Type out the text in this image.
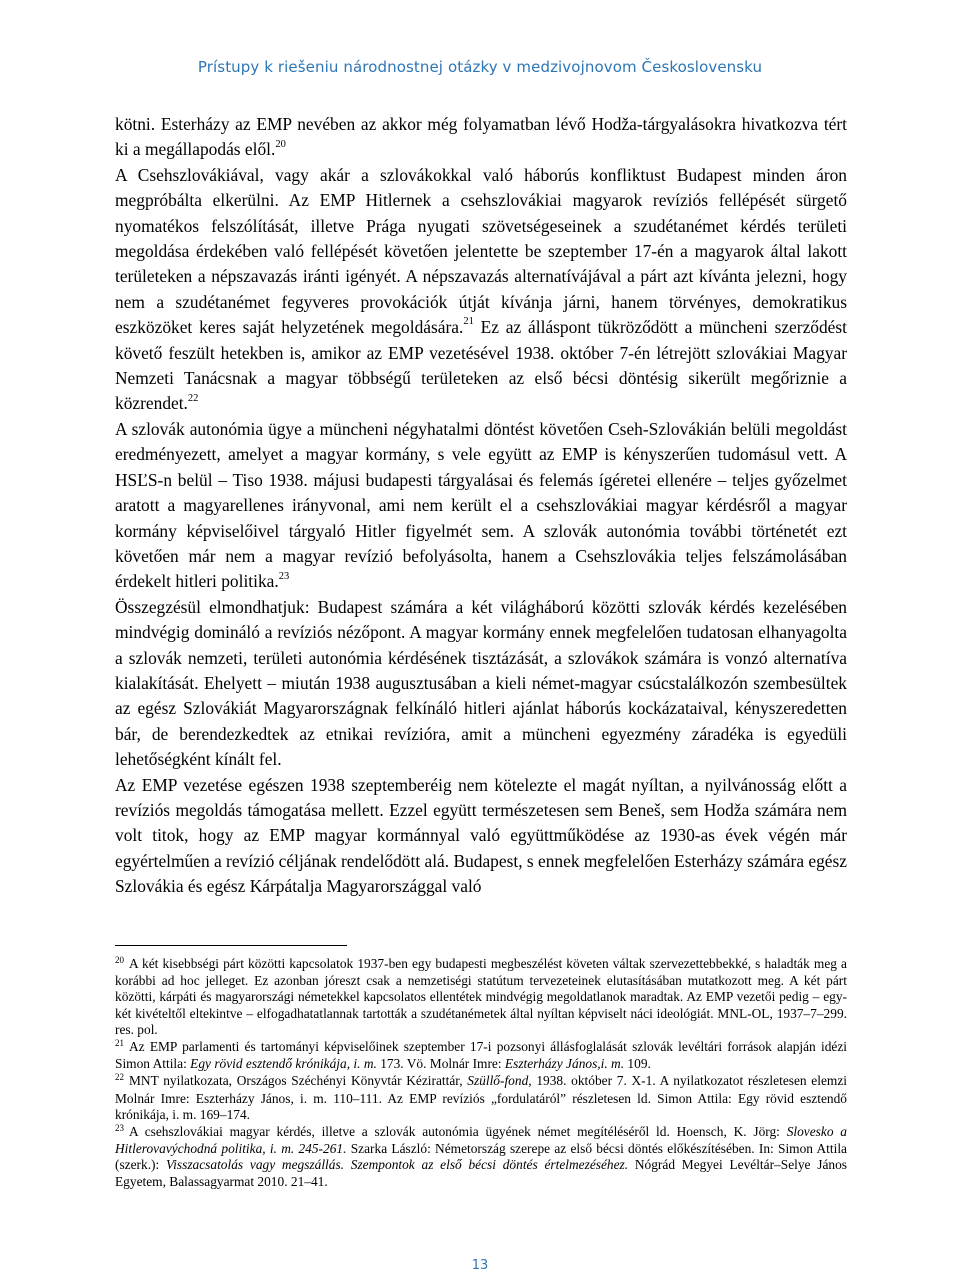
Prístupy k riešeniu národnostnej otázky v medzivojnovom Československu

kötni. Esterházy az EMP nevében az akkor még folyamatban lévő Hodža-tárgyalásokra hivatkozva tért ki a megállapodás elől.$^{20}$

A Csehszlovákiával, vagy akár a szlovákokkal való háborús konfliktust Budapest minden áron megpróbálta elkerülni. Az EMP Hitlernek a csehszlovákiai magyarok revíziós fellépését sürgető nyomatékos felszólítását, illetve Prága nyugati szövetségeseinek a szudétanémet kérdés területi megoldása érdekében való fellépését követően jelentette be szeptember 17-én a magyarok által lakott területeken a népszavazás iránti igényét. A népszavazás alternatívájával a párt azt kívánta jelezni, hogy nem a szudétanémet fegyveres provokációk útját kívánja járni, hanem törvényes, demokratikus eszközöket keres saját helyzetének megoldására.$^{21}$ Ez az álláspont tükröződött a müncheni szerződést követő feszült hetekben is, amikor az EMP vezetésével 1938. október 7-én létrejött szlovákiai Magyar Nemzeti Tanácsnak a magyar többségű területeken az első bécsi döntésig sikerült megőriznie a közrendet.$^{22}$

A szlovák autonómia ügye a müncheni négyhatalmi döntést követően Cseh-Szlovákián belüli megoldást eredményezett, amelyet a magyar kormány, s vele együtt az EMP is kényszerűen tudomásul vett. A HSĽS-n belül – Tiso 1938. májusi budapesti tárgyalásai és felemás ígéretei ellenére – teljes győzelmet aratott a magyarellenes irányvonal, ami nem került el a csehszlovákiai magyar kérdésről a magyar kormány képviselőivel tárgyaló Hitler figyelmét sem. A szlovák autonómia további történetét ezt követően már nem a magyar revízió befolyásolta, hanem a Csehszlovákia teljes felszámolásában érdekelt hitleri politika.$^{23}$

Összegzésül elmondhatjuk: Budapest számára a két világháború közötti szlovák kérdés kezelésében mindvégig domináló a revíziós nézőpont. A magyar kormány ennek megfelelően tudatosan elhanyagolta a szlovák nemzeti, területi autonómia kérdésének tisztázását, a szlovákok számára is vonzó alternatíva kialakítását. Ehelyett – miután 1938 augusztusában a kieli német-magyar csúcstalálkozón szembesültek az egész Szlovákiát Magyarországnak felkínáló hitleri ajánlat háborús kockázataival, kényszeredetten bár, de berendezkedtek az etnikai revízióra, amit a müncheni egyezmény záradéka is egyedüli lehetőségként kínált fel.

Az EMP vezetése egészen 1938 szeptemberéig nem kötelezte el magát nyíltan, a nyilvánosság előtt a revíziós megoldás támogatása mellett. Ezzel együtt természetesen sem Beneš, sem Hodža számára nem volt titok, hogy az EMP magyar kormánnyal való együttműködése az 1930-as évek végén már egyértelműen a revízió céljának rendelődött alá. Budapest, s ennek megfelelően Esterházy számára egész Szlovákia és egész Kárpátalja Magyarországgal való

$^{20}$ A két kisebbségi párt közötti kapcsolatok 1937-ben egy budapesti megbeszélést követen váltak szervezettebbekké, s haladták meg a korábbi ad hoc jelleget. Ez azonban jóreszt csak a nemzetiségi statútum tervezeteinek elutasításában mutatkozott meg. A két párt közötti, kárpáti és magyarországi németekkel kapcsolatos ellentétek mindvégig megoldatlanok maradtak. Az EMP vezetői pedig – egy-két kivételtől eltekintve – elfogadhatatlannak tartották a szudétanémetek által nyíltan képviselt náci ideológiát. MNL-OL, 1937–7–299. res. pol.
$^{21}$ Az EMP parlamenti és tartományi képviselőinek szeptember 17-i pozsonyi állásfoglalását szlovák levéltári források alapján idézi Simon Attila: Egy rövid esztendő krónikája, i. m. 173. Vö. Molnár Imre: Eszterházy János,i. m. 109.
$^{22}$ MNT nyilatkozata, Országos Széchényi Könyvtár Kézirattár, Szüllő-fond, 1938. október 7. X-1. A nyilatkozatot részletesen elemzi Molnár Imre: Eszterházy János, i. m. 110–111. Az EMP revíziós „fordulatáról” részletesen ld. Simon Attila: Egy rövid esztendő krónikája, i. m. 169–174.
$^{23}$ A csehszlovákiai magyar kérdés, illetve a szlovák autonómia ügyének német megítéléséről ld. Hoensch, K. Jörg: Slovesko a Hitlerovavýchodná politika, i. m. 245-261. Szarka László: Németország szerepe az első bécsi döntés előkészítésében. In: Simon Attila (szerk.): Visszacsatolás vagy megszállás. Szempontok az első bécsi döntés értelmezéséhez. Nógrád Megyei Levéltár–Selye János Egyetem, Balassagyarmat 2010. 21–41.
13
